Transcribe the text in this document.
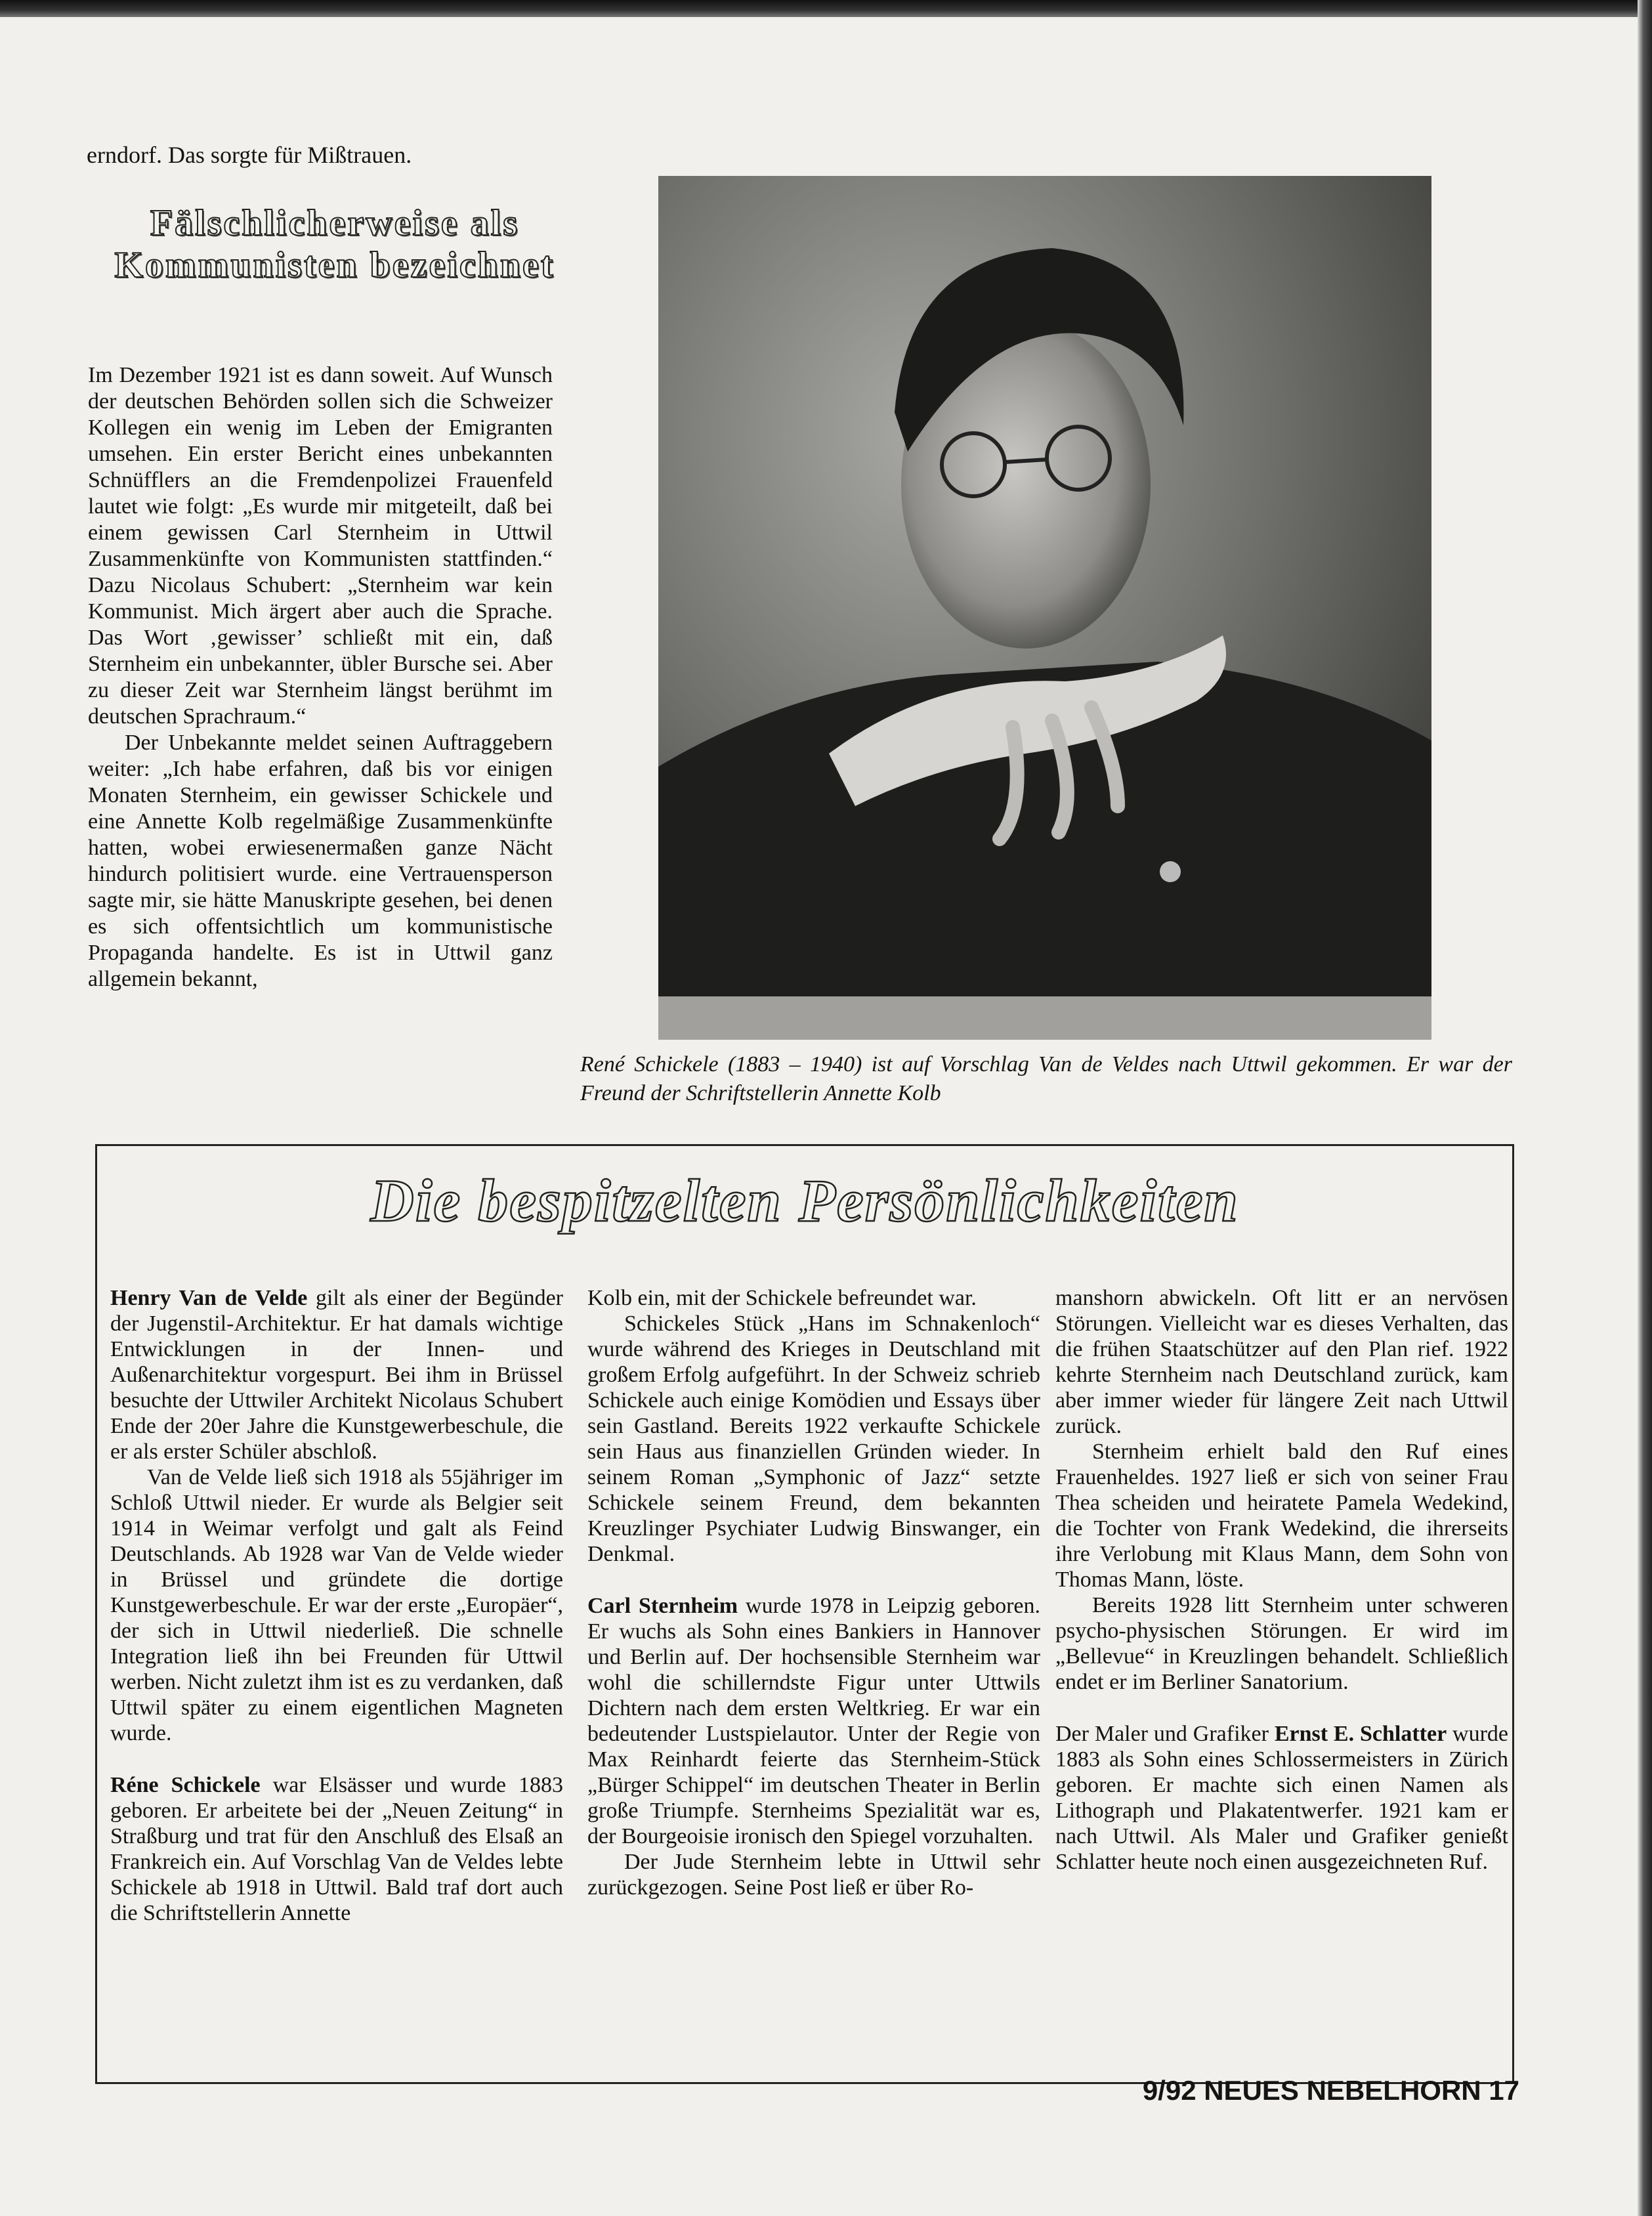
erndorf. Das sorgte für Mißtrauen.
Fälschlicherweise als Kommunisten bezeichnet

Im Dezember 1921 ist es dann soweit. Auf Wunsch der deutschen Behörden sollen sich die Schweizer Kollegen ein wenig im Leben der Emigranten umsehen. Ein erster Bericht eines unbekannten Schnüfflers an die Fremdenpolizei Frauenfeld lautet wie folgt: „Es wurde mir mitgeteilt, daß bei einem gewissen Carl Sternheim in Uttwil Zusammenkünfte von Kommunisten stattfinden.“ Dazu Nicolaus Schubert: „Sternheim war kein Kommunist. Mich ärgert aber auch die Sprache. Das Wort ‚gewisser’ schließt mit ein, daß Sternheim ein unbekannter, übler Bursche sei. Aber zu dieser Zeit war Sternheim längst berühmt im deutschen Sprachraum.“

Der Unbekannte meldet seinen Auftraggebern weiter: „Ich habe erfahren, daß bis vor einigen Monaten Sternheim, ein gewisser Schickele und eine Annette Kolb regelmäßige Zusammenkünfte hatten, wobei erwiesenermaßen ganze Nächt hindurch politisiert wurde. eine Vertrauensperson sagte mir, sie hätte Manuskripte gesehen, bei denen es sich offentsichtlich um kommunistische Propaganda handelte. Es ist in Uttwil ganz allgemein bekannt,

René Schickele (1883 – 1940) ist auf Vorschlag Van de Veldes nach Uttwil gekommen. Er war der Freund der Schriftstellerin Annette Kolb
Die bespitzelten Persönlichkeiten

Henry Van de Velde gilt als einer der Begünder der Jugenstil-Architektur. Er hat damals wichtige Entwicklungen in der Innen- und Außenarchitektur vorgespurt. Bei ihm in Brüssel besuchte der Uttwiler Architekt Nicolaus Schubert Ende der 20er Jahre die Kunstgewerbeschule, die er als erster Schüler abschloß.

Van de Velde ließ sich 1918 als 55jähriger im Schloß Uttwil nieder. Er wurde als Belgier seit 1914 in Weimar verfolgt und galt als Feind Deutschlands. Ab 1928 war Van de Velde wieder in Brüssel und gründete die dortige Kunstgewerbeschule. Er war der erste „Europäer“, der sich in Uttwil niederließ. Die schnelle Integration ließ ihn bei Freunden für Uttwil werben. Nicht zuletzt ihm ist es zu verdanken, daß Uttwil später zu einem eigentlichen Magneten wurde.

Réne Schickele war Elsässer und wurde 1883 geboren. Er arbeitete bei der „Neuen Zeitung“ in Straßburg und trat für den Anschluß des Elsaß an Frankreich ein. Auf Vorschlag Van de Veldes lebte Schickele ab 1918 in Uttwil. Bald traf dort auch die Schriftstellerin Annette

Kolb ein, mit der Schickele befreundet war.

Schickeles Stück „Hans im Schnakenloch“ wurde während des Krieges in Deutschland mit großem Erfolg aufgeführt. In der Schweiz schrieb Schickele auch einige Komödien und Essays über sein Gastland. Bereits 1922 verkaufte Schickele sein Haus aus finanziellen Gründen wieder. In seinem Roman „Symphonic of Jazz“ setzte Schickele seinem Freund, dem bekannten Kreuzlinger Psychiater Ludwig Binswanger, ein Denkmal.

Carl Sternheim wurde 1978 in Leipzig geboren. Er wuchs als Sohn eines Bankiers in Hannover und Berlin auf. Der hochsensible Sternheim war wohl die schillerndste Figur unter Uttwils Dichtern nach dem ersten Weltkrieg. Er war ein bedeutender Lustspielautor. Unter der Regie von Max Reinhardt feierte das Sternheim-Stück „Bürger Schippel“ im deutschen Theater in Berlin große Triumpfe. Sternheims Spezialität war es, der Bourgeoisie ironisch den Spiegel vorzuhalten.

Der Jude Sternheim lebte in Uttwil sehr zurückgezogen. Seine Post ließ er über Ro-

manshorn abwickeln. Oft litt er an nervösen Störungen. Vielleicht war es dieses Verhalten, das die frühen Staatschützer auf den Plan rief. 1922 kehrte Sternheim nach Deutschland zurück, kam aber immer wieder für längere Zeit nach Uttwil zurück.

Sternheim erhielt bald den Ruf eines Frauenheldes. 1927 ließ er sich von seiner Frau Thea scheiden und heiratete Pamela Wedekind, die Tochter von Frank Wedekind, die ihrerseits ihre Verlobung mit Klaus Mann, dem Sohn von Thomas Mann, löste.

Bereits 1928 litt Sternheim unter schweren psycho-physischen Störungen. Er wird im „Bellevue“ in Kreuzlingen behandelt. Schließlich endet er im Berliner Sanatorium.

Der Maler und Grafiker Ernst E. Schlatter wurde 1883 als Sohn eines Schlossermeisters in Zürich geboren. Er machte sich einen Namen als Lithograph und Plakatentwerfer. 1921 kam er nach Uttwil. Als Maler und Grafiker genießt Schlatter heute noch einen ausgezeichneten Ruf.

9/92 NEUES NEBELHORN 17
